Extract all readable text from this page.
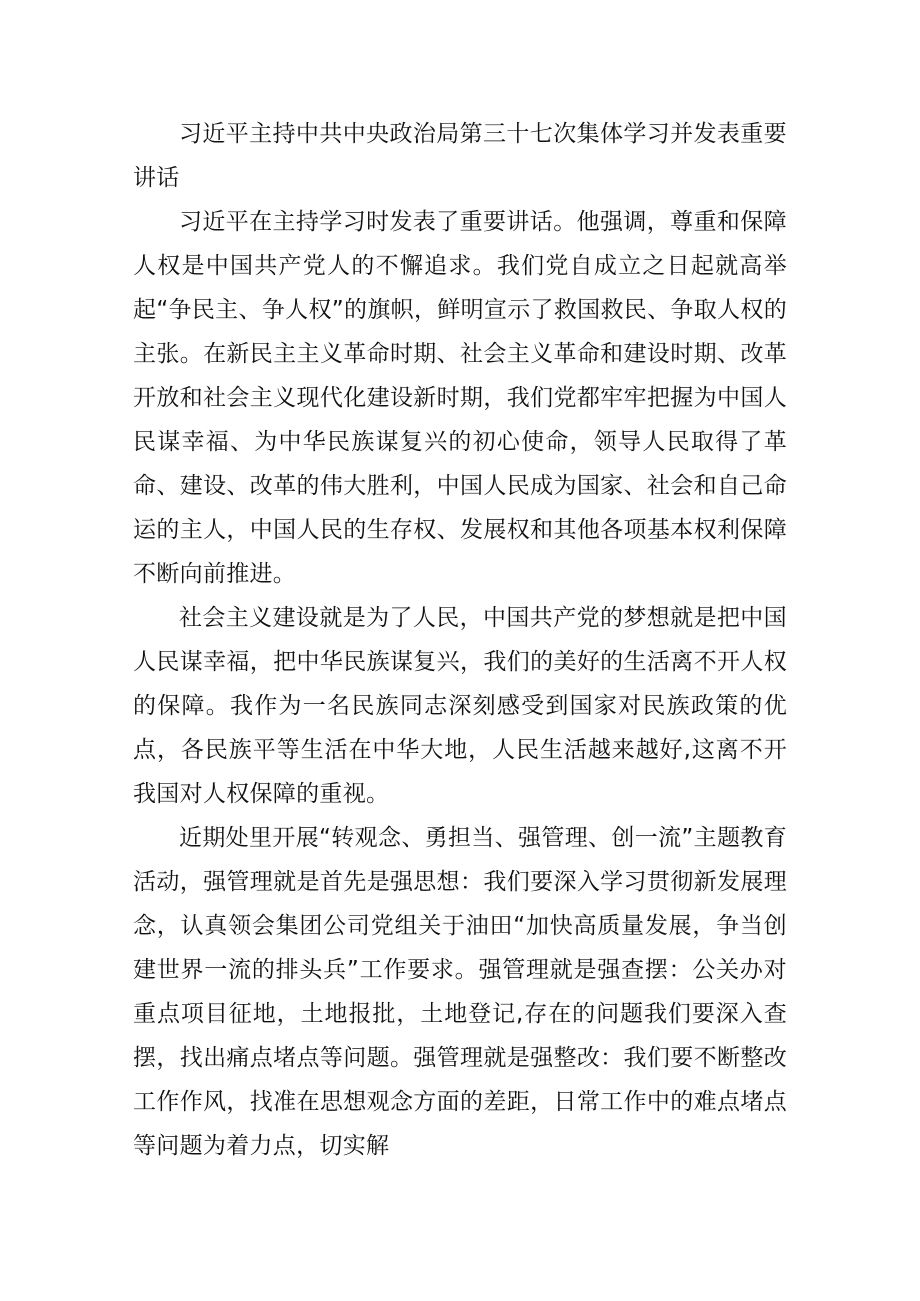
习近平主持中共中央政治局第三十七次集体学习并发表重要讲话

习近平在主持学习时发表了重要讲话。他强调，尊重和保障人权是中国共产党人的不懈追求。我们党自成立之日起就高举起“争民主、争人权”的旗帜，鲜明宣示了救国救民、争取人权的主张。在新民主主义革命时期、社会主义革命和建设时期、改革开放和社会主义现代化建设新时期，我们党都牢牢把握为中国人民谋幸福、为中华民族谋复兴的初心使命，领导人民取得了革命、建设、改革的伟大胜利，中国人民成为国家、社会和自己命运的主人，中国人民的生存权、发展权和其他各项基本权利保障不断向前推进。

社会主义建设就是为了人民，中国共产党的梦想就是把中国人民谋幸福，把中华民族谋复兴，我们的美好的生活离不开人权的保障。我作为一名民族同志深刻感受到国家对民族政策的优点，各民族平等生活在中华大地，人民生活越来越好,这离不开我国对人权保障的重视。

近期处里开展“转观念、勇担当、强管理、创一流”主题教育活动，强管理就是首先是强思想：我们要深入学习贯彻新发展理念，认真领会集团公司党组关于油田“加快高质量发展，争当创建世界一流的排头兵”工作要求。强管理就是强查摆：公关办对重点项目征地，土地报批，土地登记,存在的问题我们要深入查摆，找出痛点堵点等问题。强管理就是强整改：我们要不断整改工作作风，找准在思想观念方面的差距，日常工作中的难点堵点等问题为着力点，切实解
